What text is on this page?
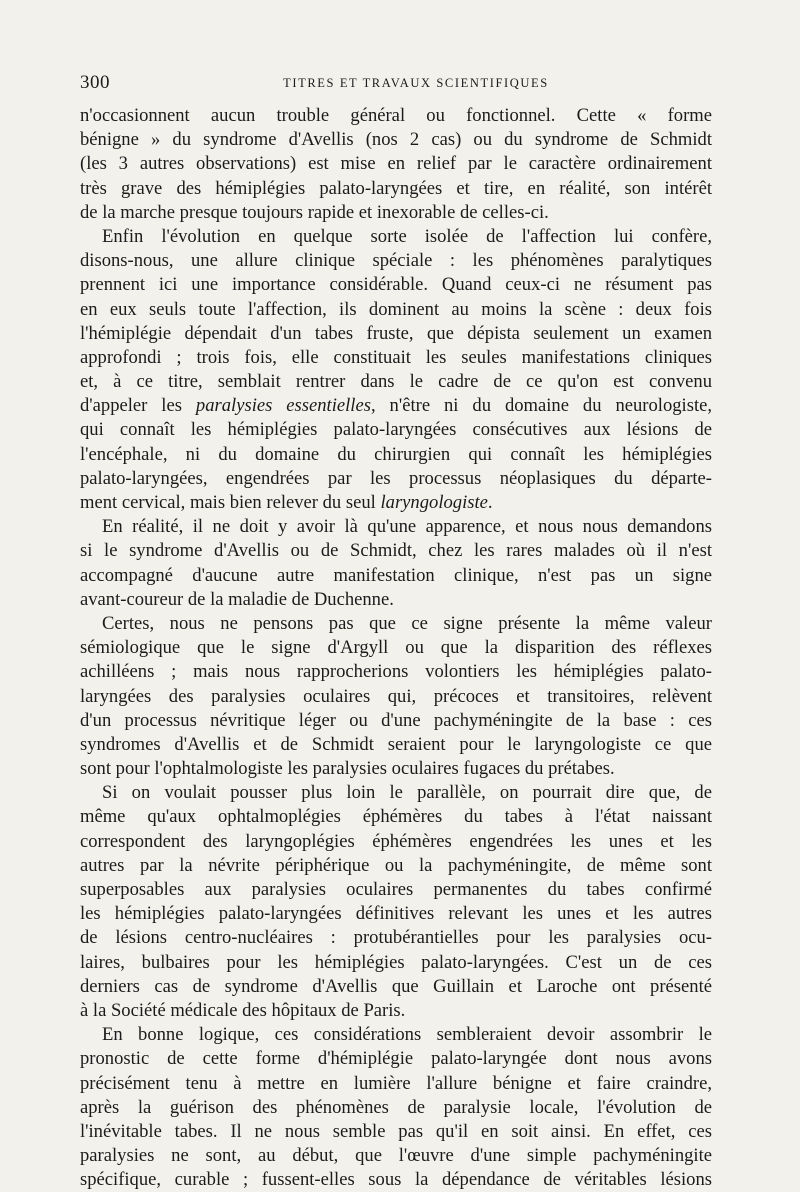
300	TITRES ET TRAVAUX SCIENTIFIQUES
n'occasionnent aucun trouble général ou fonctionnel. Cette « forme
bénigne » du syndrome d'Avellis (nos 2 cas) ou du syndrome de Schmidt
(les 3 autres observations) est mise en relief par le caractère ordinairement
très grave des hémiplégies palato-laryngées et tire, en réalité, son intérêt
de la marche presque toujours rapide et inexorable de celles-ci.
Enfin l'évolution en quelque sorte isolée de l'affection lui confère,
disons-nous, une allure clinique spéciale : les phénomènes paralytiques
prennent ici une importance considérable. Quand ceux-ci ne résument pas
en eux seuls toute l'affection, ils dominent au moins la scène : deux fois
l'hémiplégie dépendait d'un tabes fruste, que dépista seulement un examen
approfondi ; trois fois, elle constituait les seules manifestations cliniques
et, à ce titre, semblait rentrer dans le cadre de ce qu'on est convenu
d'appeler les paralysies essentielles, n'être ni du domaine du neurologiste,
qui connaît les hémiplégies palato-laryngées consécutives aux lésions de
l'encéphale, ni du domaine du chirurgien qui connaît les hémiplégies
palato-laryngées, engendrées par les processus néoplasiques du départe-
ment cervical, mais bien relever du seul laryngologiste.
En réalité, il ne doit y avoir là qu'une apparence, et nous nous demandons
si le syndrome d'Avellis ou de Schmidt, chez les rares malades où il n'est
accompagné d'aucune autre manifestation clinique, n'est pas un signe
avant-coureur de la maladie de Duchenne.
Certes, nous ne pensons pas que ce signe présente la même valeur
sémiologique que le signe d'Argyll ou que la disparition des réflexes
achilléens ; mais nous rapprocherions volontiers les hémiplégies palato-
laryngées des paralysies oculaires qui, précoces et transitoires, relèvent
d'un processus névritique léger ou d'une pachyméningite de la base : ces
syndromes d'Avellis et de Schmidt seraient pour le laryngologiste ce que
sont pour l'ophtalmologiste les paralysies oculaires fugaces du prétabes.
Si on voulait pousser plus loin le parallèle, on pourrait dire que, de
même qu'aux ophtalmoplégies éphémères du tabes à l'état naissant
correspondent des laryngoplégies éphémères engendrées les unes et les
autres par la névrite périphérique ou la pachyméningite, de même sont
superposables aux paralysies oculaires permanentes du tabes confirmé
les hémiplégies palato-laryngées définitives relevant les unes et les autres
de lésions centro-nucléaires : protubérantielles pour les paralysies ocu-
laires, bulbaires pour les hémiplégies palato-laryngées. C'est un de ces
derniers cas de syndrome d'Avellis que Guillain et Laroche ont présenté
à la Société médicale des hôpitaux de Paris.
En bonne logique, ces considérations sembleraient devoir assombrir le
pronostic de cette forme d'hémiplégie palato-laryngée dont nous avons
précisément tenu à mettre en lumière l'allure bénigne et faire craindre,
après la guérison des phénomènes de paralysie locale, l'évolution de
l'inévitable tabes. Il ne nous semble pas qu'il en soit ainsi. En effet, ces
paralysies ne sont, au début, que l'œuvre d'une simple pachyméningite
spécifique, curable ; fussent-elles sous la dépendance de véritables lésions
